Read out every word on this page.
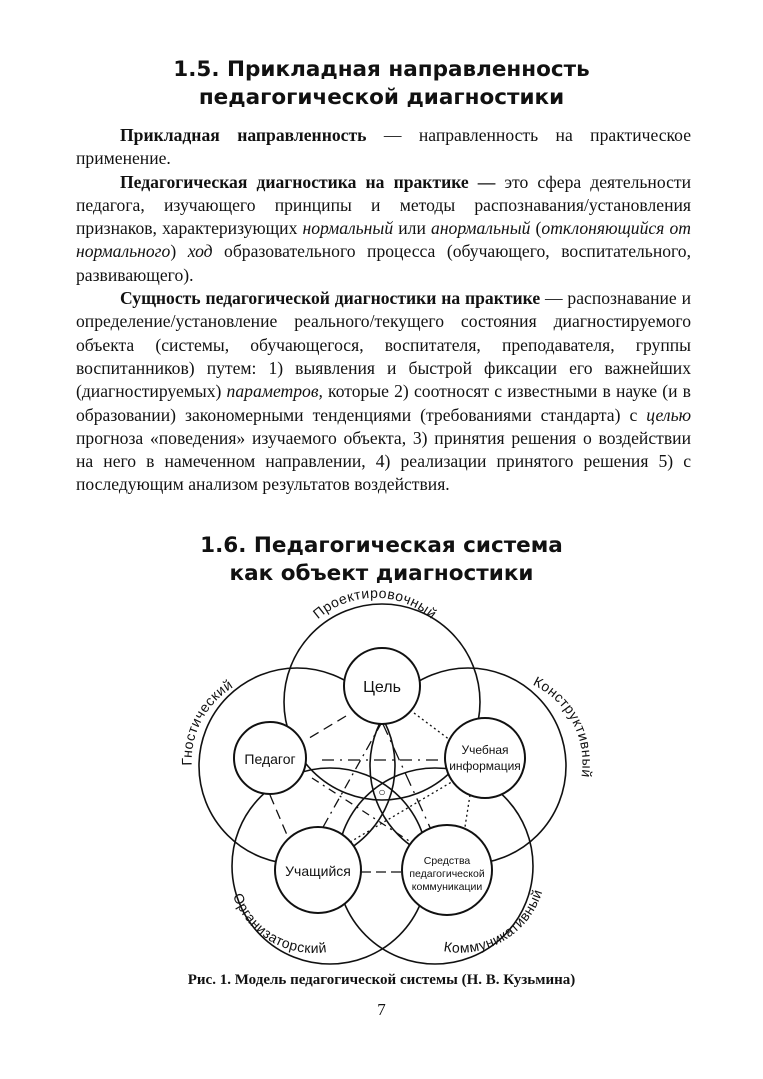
1.5. Прикладная направленность
педагогической диагностики

Прикладная направленность — направленность на практическое применение.

Педагогическая диагностика на практике — это сфера деятельности педагога, изучающего принципы и методы распознавания/установления признаков, характеризующих нормальный или анормальный (отклоняющийся от нормального) ход образовательного процесса (обучающего, воспитательного, развивающего).

Сущность педагогической диагностики на практике — распознавание и определение/установление реального/текущего состояния диагностируемого объекта (системы, обучающегося, воспитателя, преподавателя, группы воспитанников) путем: 1) выявления и быстрой фиксации его важнейших (диагностируемых) параметров, которые 2) соотносят с известными в науке (и в образовании) закономерными тенденциями (требованиями стандарта) с целью прогноза «поведения» изучаемого объекта, 3) принятия решения о воздействии на него в намеченном направлении, 4) реализации принятого решения 5) с последующим анализом результатов воздействия.

1.6. Педагогическая система
как объект диагностики
Цель
Педагог
Учебная
информация
Учащийся
Средства
педагогической
коммуникации
○
Проектировочный
Конструктивный
Коммуникативный
Организаторский
Гностический
Рис. 1. Модель педагогической системы (Н. В. Кузьмина)
7
